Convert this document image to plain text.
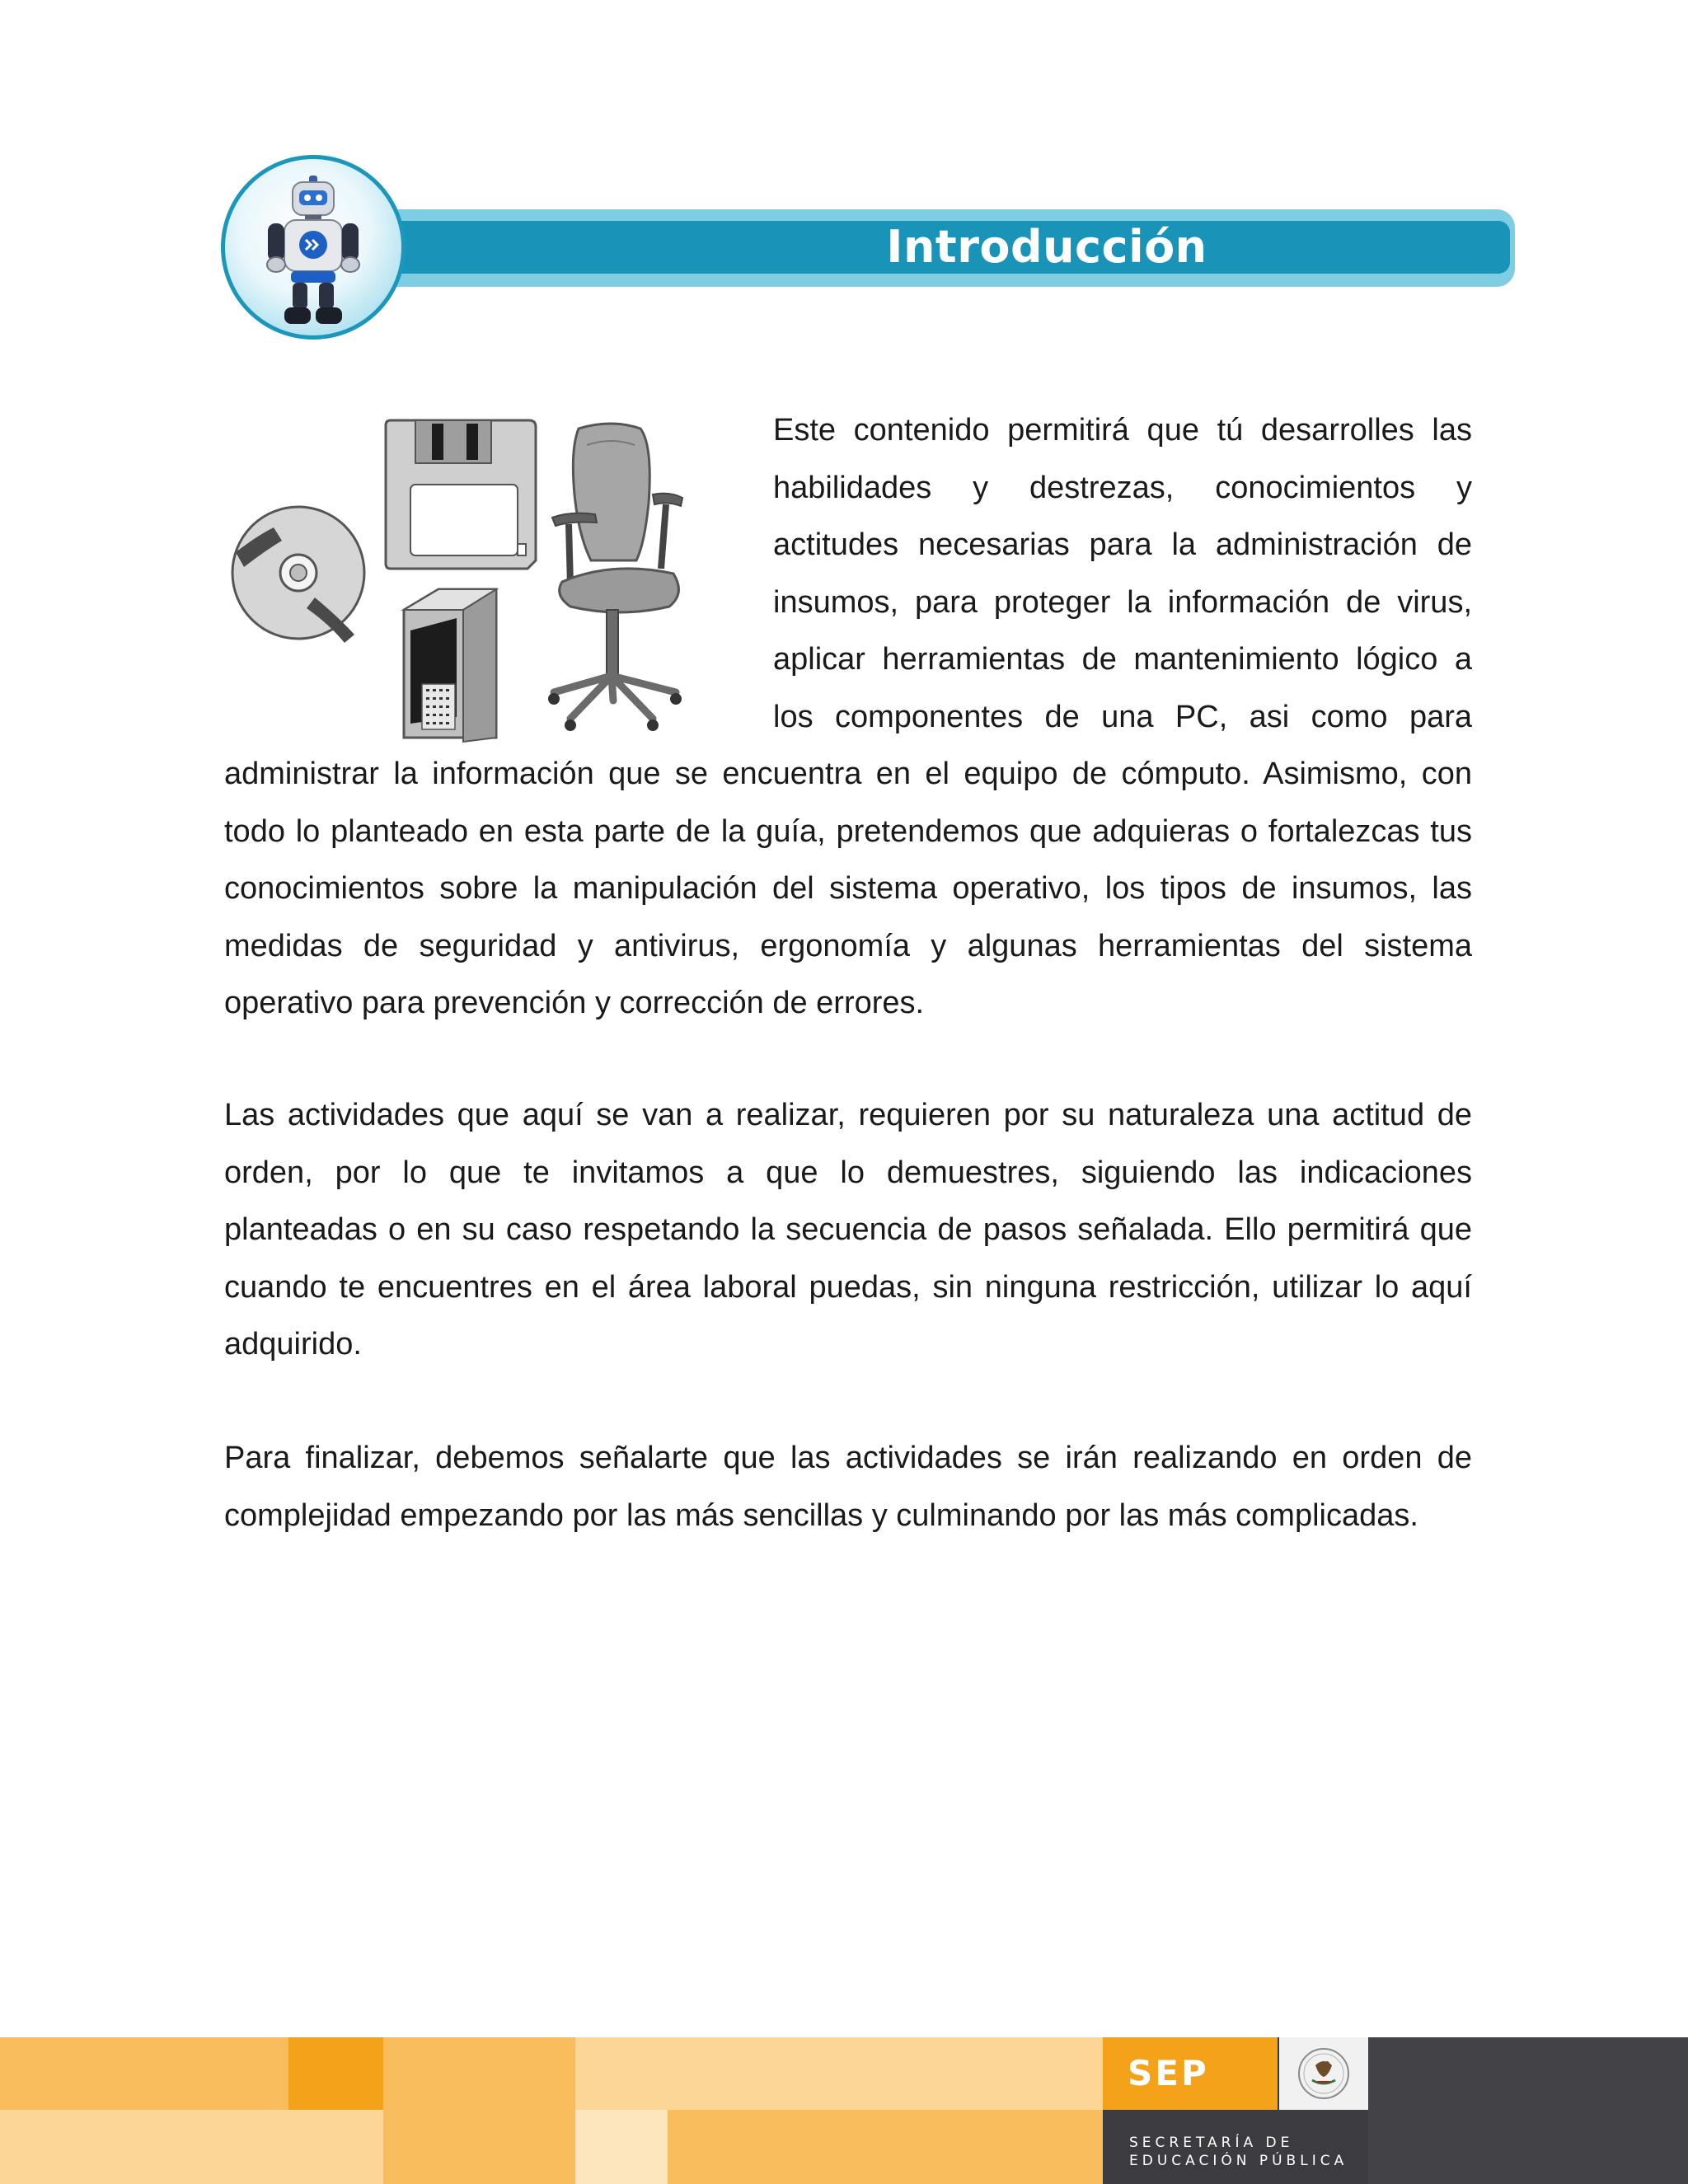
Introducción

Este contenido permitirá que tú desarrolles las habilidades y destrezas, conocimientos y actitudes necesarias para la administración de insumos, para proteger la información de virus, aplicar herramientas de mantenimiento lógico a los componentes de una PC, asi como para administrar la información que se encuentra en el equipo de cómputo. Asimismo, con todo lo planteado en esta parte de la guía, pretendemos que adquieras o fortalezcas tus conocimientos sobre la manipulación del sistema operativo, los tipos de insumos, las medidas de seguridad y antivirus, ergonomía y algunas herramientas del sistema operativo para prevención y corrección de errores.

Las actividades que aquí se van a realizar, requieren por su naturaleza una actitud de orden, por lo que te invitamos a que lo demuestres, siguiendo las indicaciones planteadas o en su caso respetando la secuencia de pasos señalada. Ello permitirá que cuando te encuentres en el área laboral puedas, sin ninguna restricción, utilizar lo aquí adquirido.

Para finalizar, debemos señalarte que las actividades se irán realizando en orden de complejidad empezando por las más sencillas y culminando por las más complicadas.

SEP
SECRETARÍA DE
EDUCACIÓN PÚBLICA
